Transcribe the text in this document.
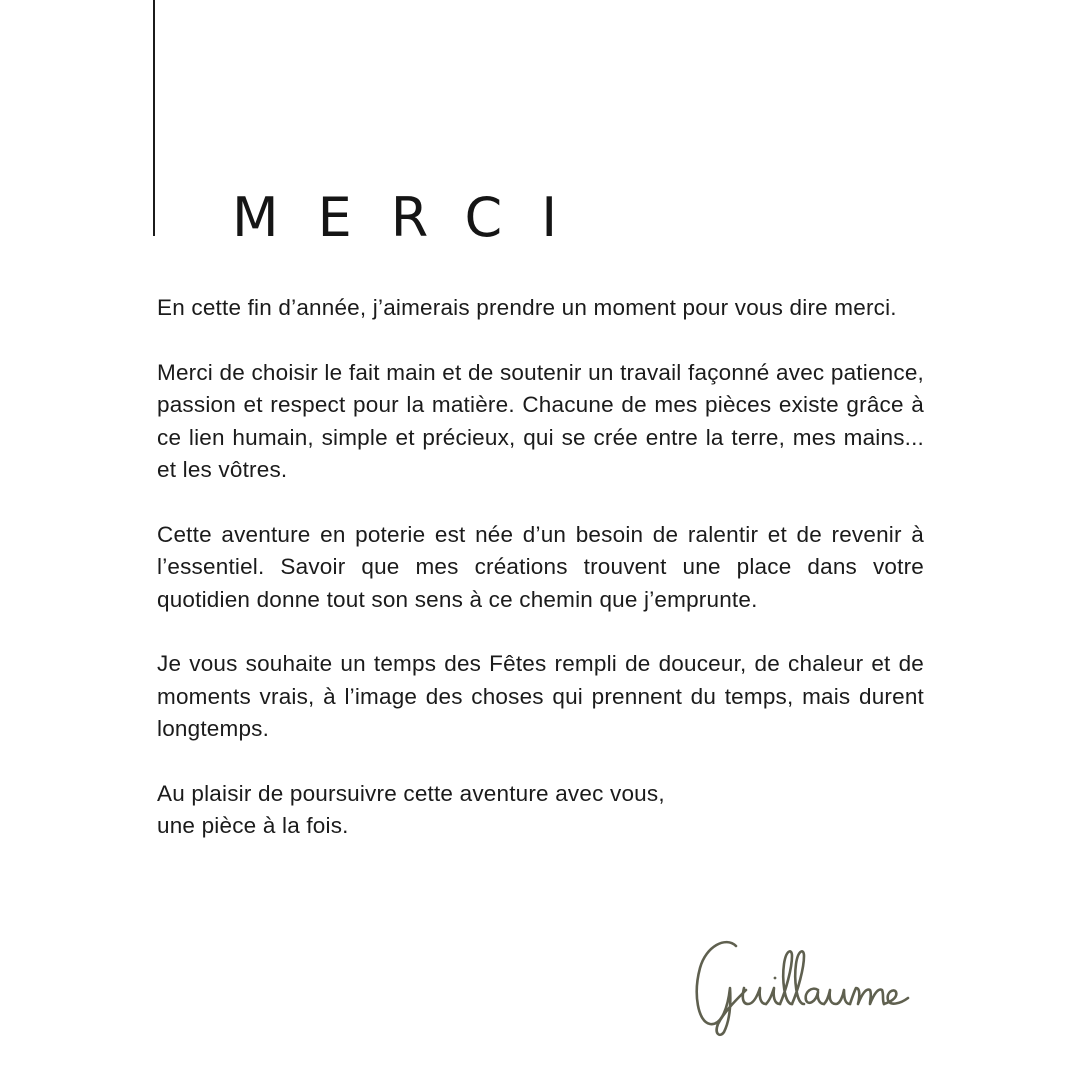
MERCI

En cette fin d’année, j’aimerais prendre un moment pour vous dire merci.

Merci de choisir le fait main et de soutenir un travail façonné avec patience, passion et respect pour la matière. Chacune de mes pièces existe grâce à ce lien humain, simple et précieux, qui se crée entre la terre, mes mains... et les vôtres.

Cette aventure en poterie est née d’un besoin de ralentir et de revenir à l’essentiel. Savoir que mes créations trouvent une place dans votre quotidien donne tout son sens à ce chemin que j’emprunte.

Je vous souhaite un temps des Fêtes rempli de douceur, de chaleur et de moments vrais, à l’image des choses qui prennent du temps, mais durent longtemps.

Au plaisir de poursuivre cette aventure avec vous,
une pièce à la fois.
